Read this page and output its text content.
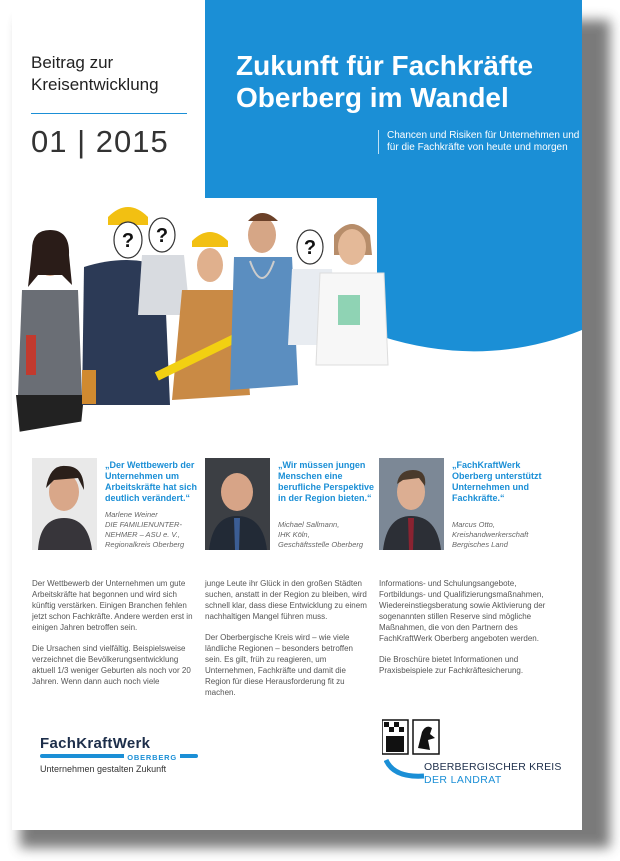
Zukunft für Fachkräfte
Oberberg im Wandel
Chancen und Risiken für Unternehmen und für die Fachkräfte von heute und morgen
Beitrag zur
Kreisentwicklung
01 | 2015
? ?
?
„Der Wettbewerb der Unternehmen um Arbeitskräfte hat sich deutlich verändert.“
Marlene Weiner
DIE FAMILIENUNTER-
NEHMER – ASU e. V.,
Regionalkreis Oberberg
„Wir müssen jungen Menschen eine berufliche Perspektive in der Region bieten.“
Michael Sallmann,
IHK Köln,
Geschäftsstelle Oberberg
„FachKraftWerk Oberberg unterstützt Unternehmen und Fachkräfte.“
Marcus Otto,
Kreishandwerkerschaft
Bergisches Land

Der Wettbewerb der Unternehmen um gute Arbeitskräfte hat begonnen und wird sich künftig verstärken. Einigen Branchen fehlen jetzt schon Fachkräfte. Andere werden erst in einigen Jahren betroffen sein.

Die Ursachen sind vielfältig. Beispielsweise verzeichnet die Bevölkerungsentwicklung aktuell 1/3 weniger Geburten als noch vor 20 Jahren. Wenn dann auch noch viele

junge Leute ihr Glück in den großen Städten suchen, anstatt in der Region zu bleiben, wird schnell klar, dass diese Entwicklung zu einem nachhaltigen Mangel führen muss.

Der Oberbergische Kreis wird – wie viele ländliche Regionen – besonders betroffen sein. Es gilt, früh zu reagieren, um Unternehmen, Fachkräfte und damit die Region für diese Herausforderung fit zu machen.

Informations- und Schulungsangebote, Fortbildungs- und Qualifizierungsmaßnahmen, Wiedereinstiegsberatung sowie Aktivierung der sogenannten stillen Reserve sind mögliche Maßnahmen, die von den Partnern des FachKraftWerk Oberberg angeboten werden.

Die Broschüre bietet Informationen und Praxisbeispiele zur Fachkräftesicherung.

FachKraftWerk
OBERBERG
Unternehmen gestalten Zukunft	OBERBERGISCHER KREIS
DER LANDRAT
